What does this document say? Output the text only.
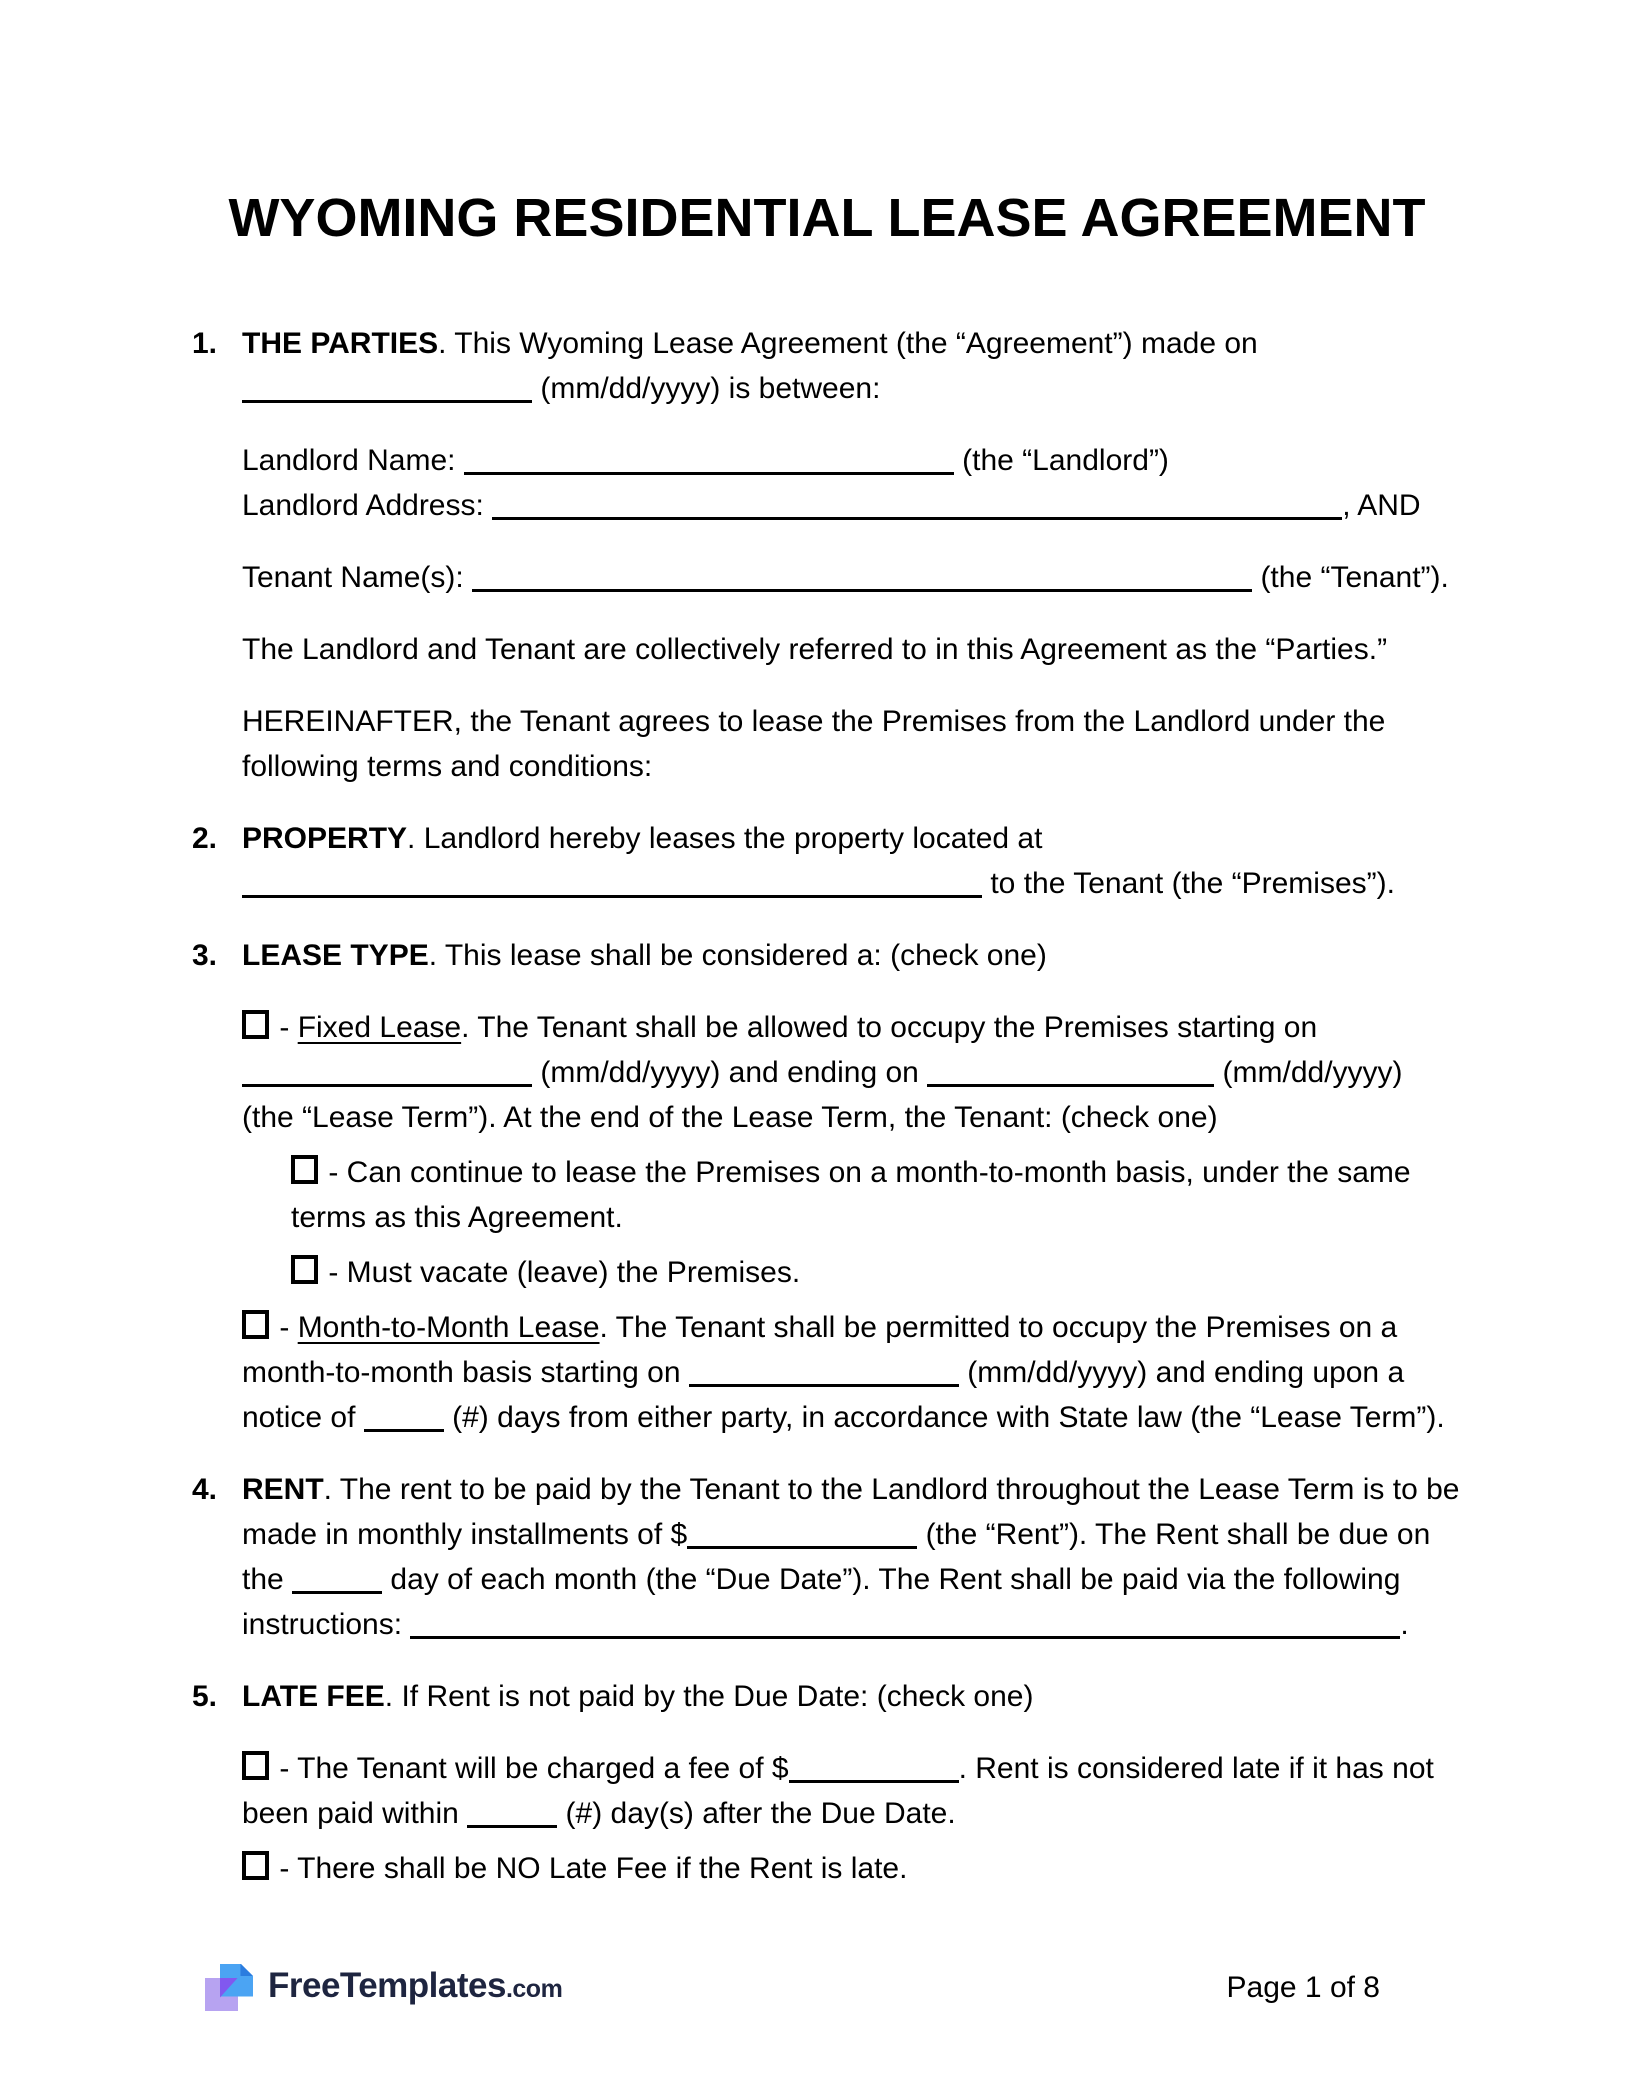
WYOMING RESIDENTIAL LEASE AGREEMENT

1. THE PARTIES. This Wyoming Lease Agreement (the “Agreement”) made on  (mm/dd/yyyy) is between:

Landlord Name:	(the “Landlord”)

Landlord Address:	, AND

Tenant Name(s):	(the “Tenant”).

The Landlord and Tenant are collectively referred to in this Agreement as the “Parties.”

HEREINAFTER, the Tenant agrees to lease the Premises from the Landlord under the following terms and conditions:

2. PROPERTY. Landlord hereby leases the property located at  to the Tenant (the “Premises”).

3. LEASE TYPE. This lease shall be considered a: (check one)

- Fixed Lease. The Tenant shall be allowed to occupy the Premises starting on  (mm/dd/yyyy) and ending on	(mm/dd/yyyy) (the “Lease Term”). At the end of the Lease Term, the Tenant: (check one)

- Can continue to lease the Premises on a month-to-month basis, under the same terms as this Agreement.

- Must vacate (leave) the Premises.

- Month-to-Month Lease. The Tenant shall be permitted to occupy the Premises on a month-to-month basis starting on	(mm/dd/yyyy) and ending upon a notice of	(#) days from either party, in accordance with State law (the “Lease Term”).

4. RENT. The rent to be paid by the Tenant to the Landlord throughout the Lease Term is to be made in monthly installments of $	(the “Rent”). The Rent shall be due on the	day of each month (the “Due Date”). The Rent shall be paid via the following instructions:	.

5. LATE FEE. If Rent is not paid by the Due Date: (check one)

- The Tenant will be charged a fee of $	. Rent is considered late if it has not been paid within	(#) day(s) after the Due Date.

- There shall be NO Late Fee if the Rent is late.

FreeTemplates.com	Page 1 of 8
